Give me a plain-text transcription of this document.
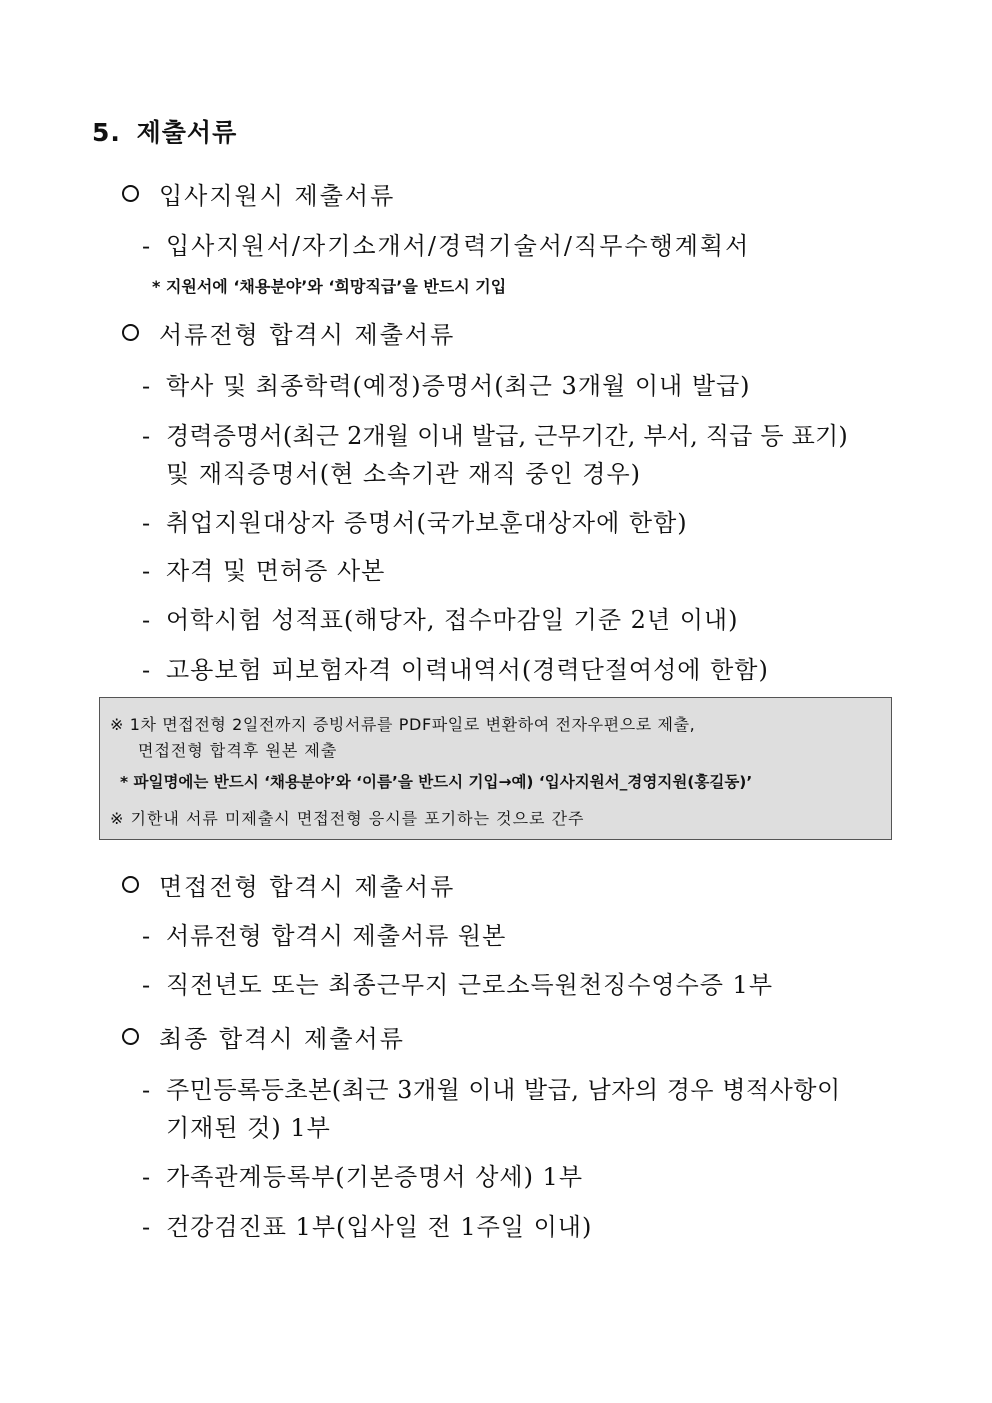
5. 제출서류
입사지원시 제출서류
- 입사지원서/자기소개서/경력기술서/직무수행계획서
* 지원서에 ‘채용분야’와 ‘희망직급’을 반드시 기입
서류전형 합격시 제출서류
- 학사 및 최종학력(예정)증명서(최근 3개월 이내 발급)
- 경력증명서(최근 2개월 이내 발급, 근무기간, 부서, 직급 등 표기)
및 재직증명서(현 소속기관 재직 중인 경우)
- 취업지원대상자 증명서(국가보훈대상자에 한함)
- 자격 및 면허증 사본
- 어학시험 성적표(해당자, 접수마감일 기준 2년 이내)
- 고용보험 피보험자격 이력내역서(경력단절여성에 한함)
※ 1차 면접전형 2일전까지 증빙서류를 PDF파일로 변환하여 전자우편으로 제출,
면접전형 합격후 원본 제출
* 파일명에는 반드시 ‘채용분야’와 ‘이름’을 반드시 기입→예) ‘입사지원서_경영지원(홍길동)’
※ 기한내 서류 미제출시 면접전형 응시를 포기하는 것으로 간주
면접전형 합격시 제출서류
- 서류전형 합격시 제출서류 원본
- 직전년도 또는 최종근무지 근로소득원천징수영수증 1부
최종 합격시 제출서류
- 주민등록등초본(최근 3개월 이내 발급, 남자의 경우 병적사항이
기재된 것) 1부
- 가족관계등록부(기본증명서 상세) 1부
- 건강검진표 1부(입사일 전 1주일 이내)
